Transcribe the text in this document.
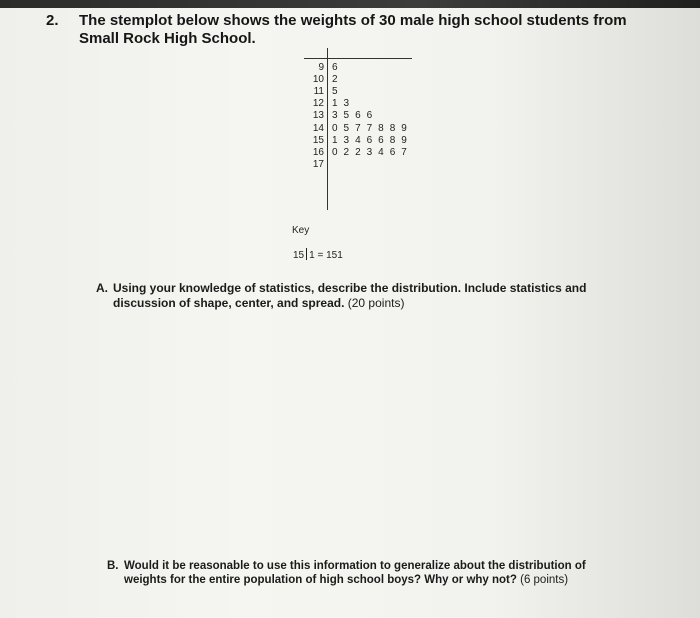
2. The stemplot below shows the weights of 30 male high school students from
Small Rock High School.
9 6
10 2
11 5
12 1 3
13 3 5 6 6
14 0 5 7 7 8 8 9
15 1 3 4 6 6 8 9
16 0 2 2 3 4 6 7
17
Key
15 1 = 151
A. Using your knowledge of statistics, describe the distribution. Include statistics and discussion of shape, center, and spread. (20 points)
B. Would it be reasonable to use this information to generalize about the distribution of weights for the entire population of high school boys? Why or why not? (6 points)
